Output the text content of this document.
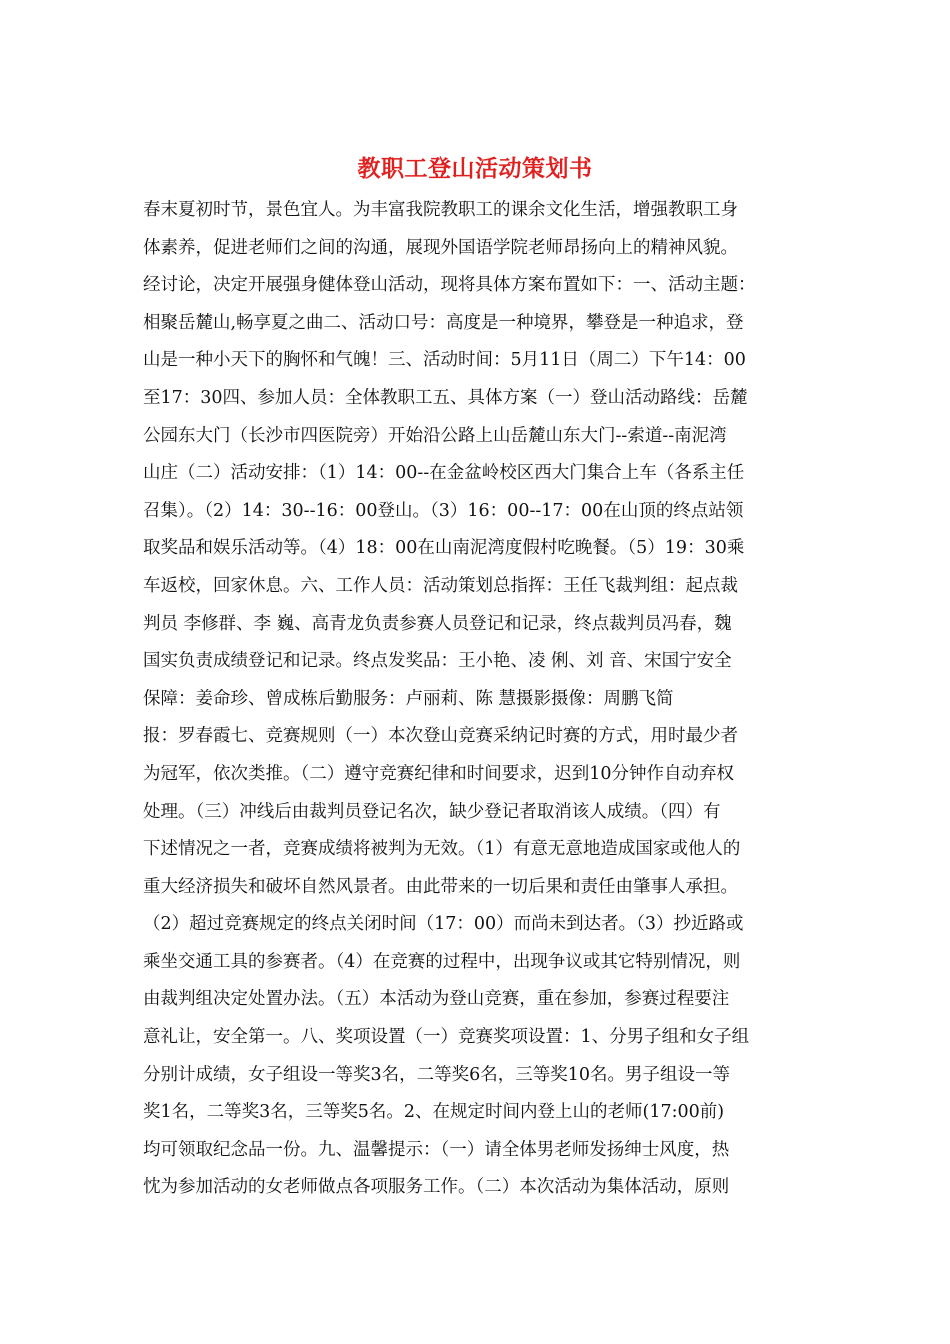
教职工登山活动策划书
春末夏初时节，景色宜人。为丰富我院教职工的课余文化生活，增强教职工身
体素养，促进老师们之间的沟通，展现外国语学院老师昂扬向上的精神风貌。
经讨论，决定开展强身健体登山活动，现将具体方案布置如下：一、活动主题：
相聚岳麓山,畅享夏之曲二、活动口号：高度是一种境界，攀登是一种追求，登
山是一种小天下的胸怀和气魄！三、活动时间：5月11日（周二）下午14：00
至17：30四、参加人员：全体教职工五、具体方案（一）登山活动路线：岳麓
公园东大门（长沙市四医院旁）开始沿公路上山岳麓山东大门--索道--南泥湾
山庄（二）活动安排：（1）14：00--在金盆岭校区西大门集合上车（各系主任
召集）。（2）14：30--16：00登山。（3）16：00--17：00在山顶的终点站领
取奖品和娱乐活动等。（4）18：00在山南泥湾度假村吃晚餐。（5）19：30乘
车返校，回家休息。六、工作人员：活动策划总指挥：王任飞裁判组：起点裁
判员 李修群、李 巍、高青龙负责参赛人员登记和记录，终点裁判员冯春，魏
国实负责成绩登记和记录。终点发奖品：王小艳、凌 俐、刘 音、宋国宁安全
保障：姜命珍、曾成栋后勤服务：卢丽莉、陈 慧摄影摄像：周鹏飞简
报：罗春霞七、竞赛规则（一）本次登山竞赛采纳记时赛的方式，用时最少者
为冠军，依次类推。（二）遵守竞赛纪律和时间要求，迟到10分钟作自动弃权
处理。（三）冲线后由裁判员登记名次，缺少登记者取消该人成绩。（四）有
下述情况之一者，竞赛成绩将被判为无效。（1）有意无意地造成国家或他人的
重大经济损失和破坏自然风景者。由此带来的一切后果和责任由肇事人承担。
（2）超过竞赛规定的终点关闭时间（17：00）而尚未到达者。（3）抄近路或
乘坐交通工具的参赛者。（4）在竞赛的过程中，出现争议或其它特别情况，则
由裁判组决定处置办法。（五）本活动为登山竞赛，重在参加，参赛过程要注
意礼让，安全第一。八、奖项设置（一）竞赛奖项设置：1、分男子组和女子组
分别计成绩，女子组设一等奖3名，二等奖6名，三等奖10名。男子组设一等
奖1名，二等奖3名，三等奖5名。2、在规定时间内登上山的老师(17:00前)
均可领取纪念品一份。九、温馨提示：（一）请全体男老师发扬绅士风度，热
忱为参加活动的女老师做点各项服务工作。（二）本次活动为集体活动，原则
